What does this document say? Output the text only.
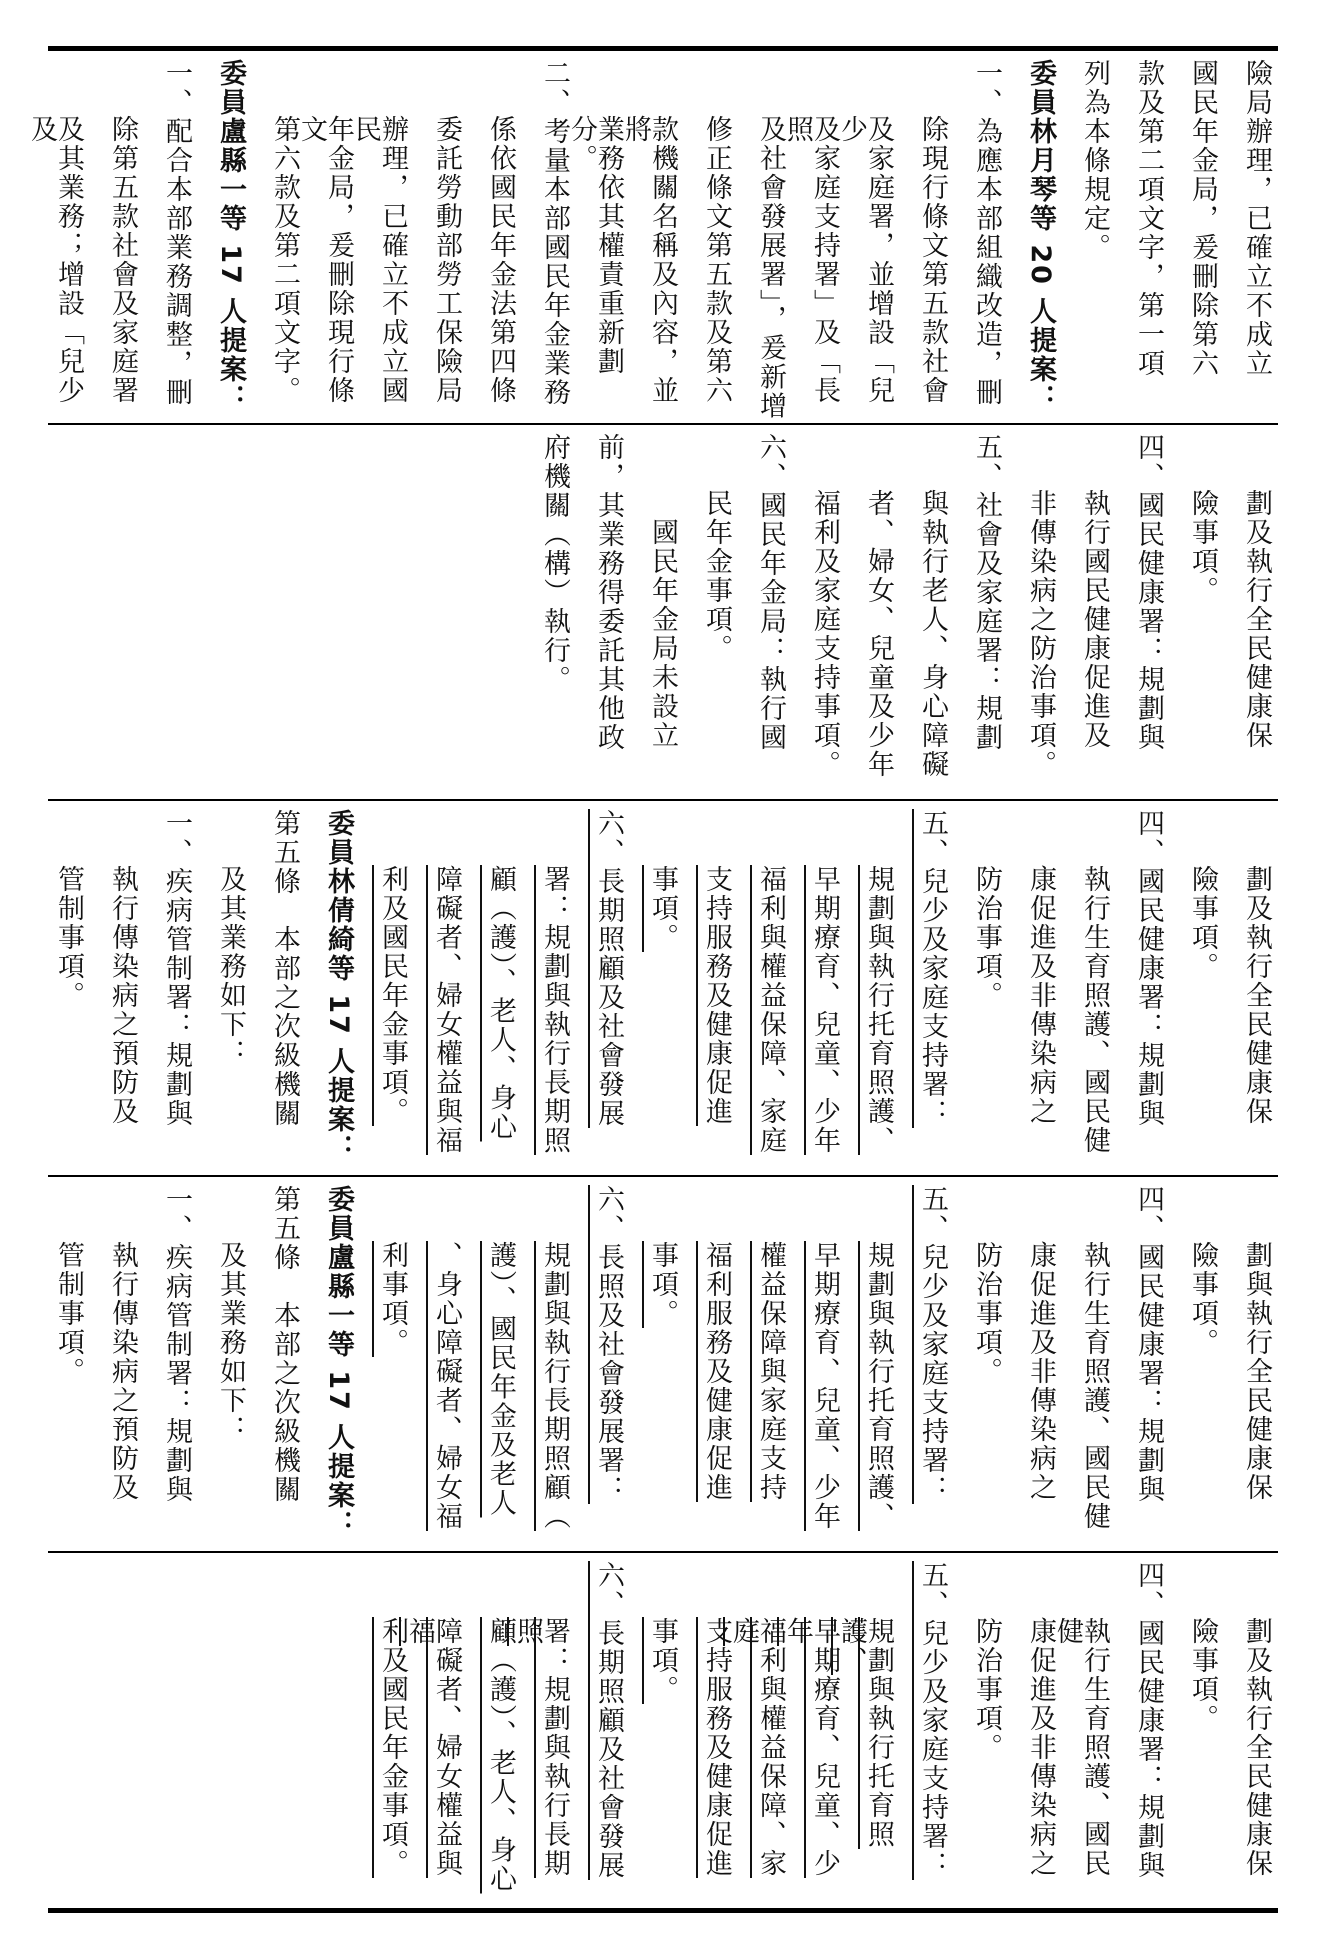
險局辦理，已確立不成立
國民年金局，爰刪除第六
款及第二項文字，第一項
列為本條規定。
委員林月琴等 20 人提案：
一、為應本部組織改造，刪
除現行條文第五款社會
及家庭署，並增設「兒少
及家庭支持署」及「長照
及社會發展署」，爰新增
修正條文第五款及第六
款機關名稱及內容，並將
業務依其權責重新劃分。
二、考量本部國民年金業務
係依國民年金法第四條
委託勞動部勞工保險局
辦理，已確立不成立國民
年金局，爰刪除現行條文
第六款及第二項文字。
委員盧縣一等 17 人提案：
一、配合本部業務調整，刪
除第五款社會及家庭署
及其業務；增設「兒少及
劃及執行全民健康保
險事項。
四、國民健康署：規劃與
執行國民健康促進及
非傳染病之防治事項。
五、社會及家庭署：規劃
與執行老人、身心障礙
者、婦女、兒童及少年
福利及家庭支持事項。
六、國民年金局：執行國
民年金事項。
　國民年金局未設立
前，其業務得委託其他政
府機關（構）執行。
劃及執行全民健康保
險事項。
四、國民健康署：規劃與
執行生育照護、國民健
康促進及非傳染病之
防治事項。
五、兒少及家庭支持署：
規劃與執行托育照護、
早期療育、兒童、少年
福利與權益保障、家庭
支持服務及健康促進
事項。
六、長期照顧及社會發展
署：規劃與執行長期照
顧（護）、老人、身心
障礙者、婦女權益與福
利及國民年金事項。
委員林倩綺等 17 人提案：
第五條　本部之次級機關
及其業務如下：
一、疾病管制署：規劃與
執行傳染病之預防及
管制事項。
劃與執行全民健康保
險事項。
四、國民健康署：規劃與
執行生育照護、國民健
康促進及非傳染病之
防治事項。
五、兒少及家庭支持署：
規劃與執行托育照護、
早期療育、兒童、少年
權益保障與家庭支持
福利服務及健康促進
事項。
六、長照及社會發展署：
規劃與執行長期照顧（
護）、國民年金及老人
、身心障礙者、婦女福
利事項。
委員盧縣一等 17 人提案：
第五條　本部之次級機關
及其業務如下：
一、疾病管制署：規劃與
執行傳染病之預防及
管制事項。
劃及執行全民健康保
險事項。
四、國民健康署：規劃與
執行生育照護、國民健
康促進及非傳染病之
防治事項。
五、兒少及家庭支持署：
規劃與執行托育照護、
早期療育、兒童、少年
福利與權益保障、家庭
支持服務及健康促進
事項。
六、長期照顧及社會發展
署：規劃與執行長期照
顧（護）、老人、身心
障礙者、婦女權益與福
利及國民年金事項。
